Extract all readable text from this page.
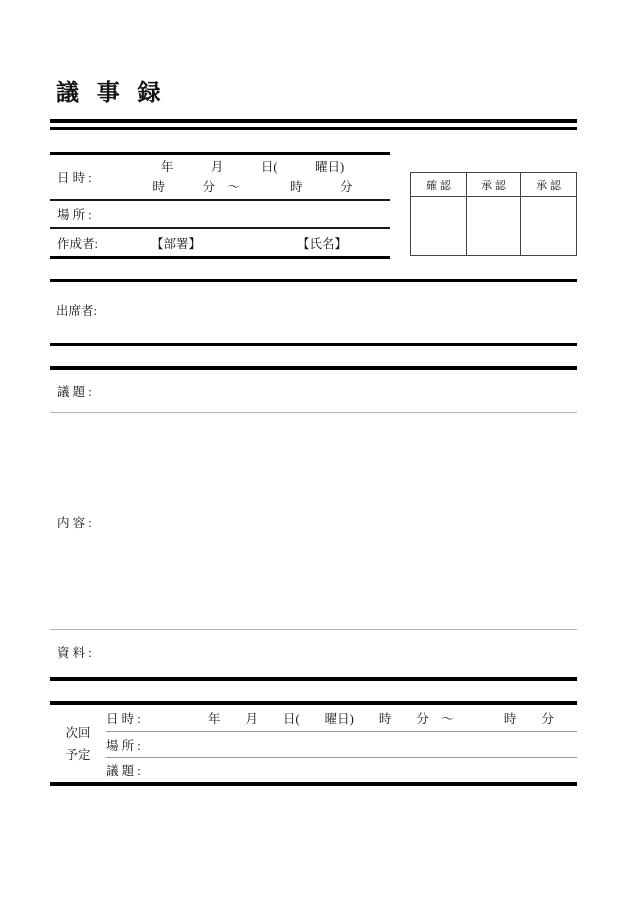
議 事 録
日 時 :
年　　　月　　　日(　　　曜日)
時　　　分　～　　　　時　　　分
場 所 :
作成者:	【部署】	【氏名】
確 認	承 認	承 認
出席者:
議 題 :
内 容 :
資 料 :
次回
予定
日 時 :	年　　月　　日(　　曜日)　　時　　分　～　　　　時　　分
場 所 :
議 題 :
